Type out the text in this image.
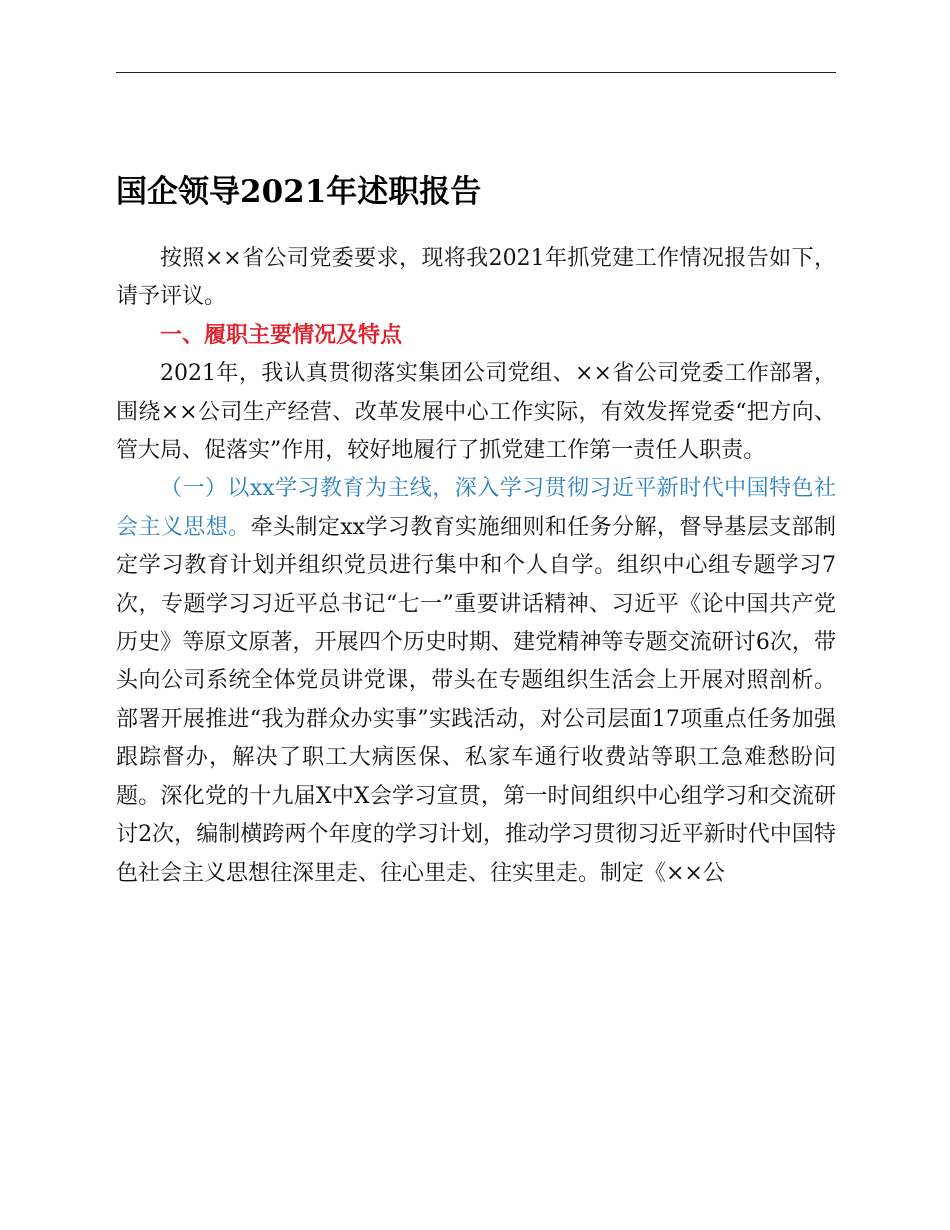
国企领导2021年述职报告

按照××省公司党委要求，现将我2021年抓党建工作情况报告如下，请予评议。

一、履职主要情况及特点

2021年，我认真贯彻落实集团公司党组、××省公司党委工作部署，围绕××公司生产经营、改革发展中心工作实际，有效发挥党委“把方向、管大局、促落实”作用，较好地履行了抓党建工作第一责任人职责。

（一）以xx学习教育为主线，深入学习贯彻习近平新时代中国特色社会主义思想。牵头制定xx学习教育实施细则和任务分解，督导基层支部制定学习教育计划并组织党员进行集中和个人自学。组织中心组专题学习7次，专题学习习近平总书记“七一”重要讲话精神、习近平《论中国共产党历史》等原文原著，开展四个历史时期、建党精神等专题交流研讨6次，带头向公司系统全体党员讲党课，带头在专题组织生活会上开展对照剖析。部署开展推进“我为群众办实事”实践活动，对公司层面17项重点任务加强跟踪督办，解决了职工大病医保、私家车通行收费站等职工急难愁盼问题。深化党的十九届X中X会学习宣贯，第一时间组织中心组学习和交流研讨2次，编制横跨两个年度的学习计划，推动学习贯彻习近平新时代中国特色社会主义思想往深里走、往心里走、往实里走。制定《××公
